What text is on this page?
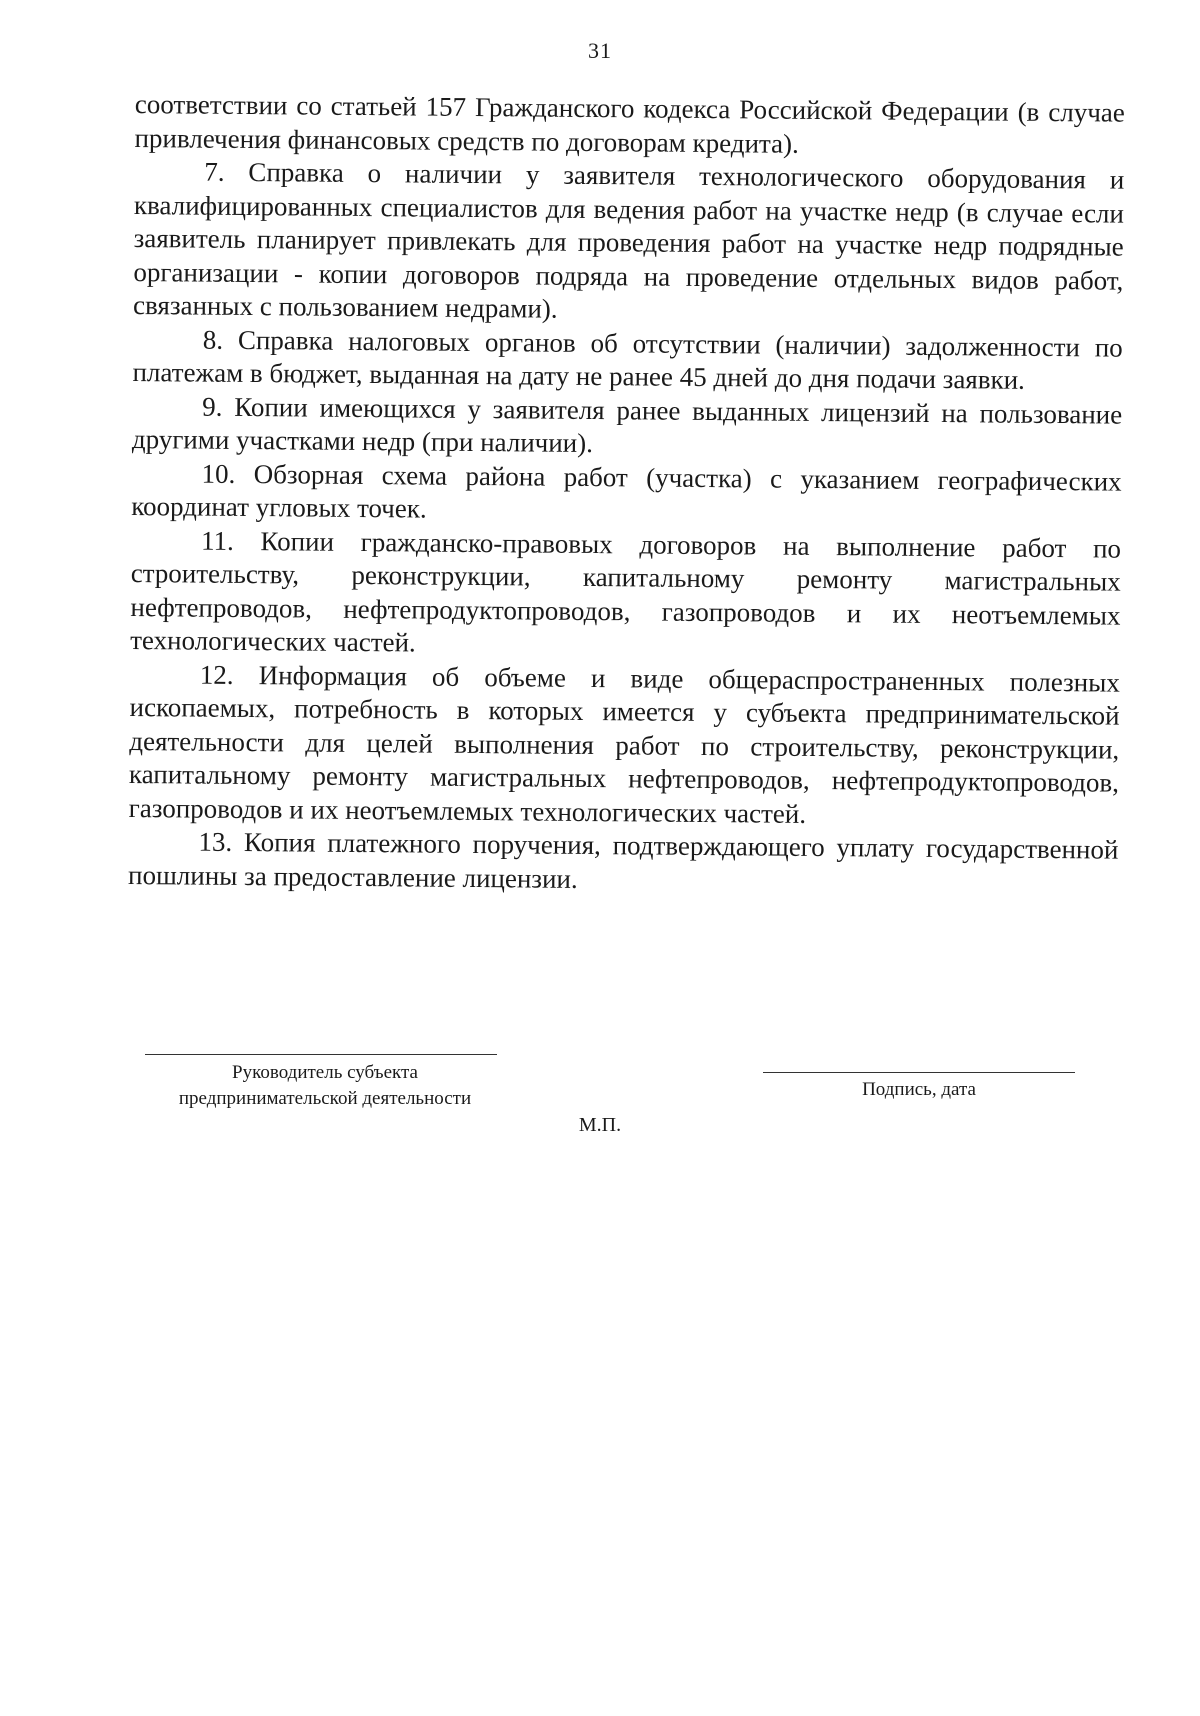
31

соответствии со статьей 157 Гражданского кодекса Российской Федерации (в случае привлечения финансовых средств по договорам кредита).

7. Справка о наличии у заявителя технологического оборудования и квалифицированных специалистов для ведения работ на участке недр (в случае если заявитель планирует привлекать для проведения работ на участке недр подрядные организации - копии договоров подряда на проведение отдельных видов работ, связанных с пользованием недрами).

8. Справка налоговых органов об отсутствии (наличии) задолженности по платежам в бюджет, выданная на дату не ранее 45 дней до дня подачи заявки.

9. Копии имеющихся у заявителя ранее выданных лицензий на пользование другими участками недр (при наличии).

10. Обзорная схема района работ (участка) с указанием географических координат угловых точек.

11. Копии гражданско-правовых договоров на выполнение работ по строительству, реконструкции, капитальному ремонту магистральных нефтепроводов, нефтепродуктопроводов, газопроводов и их неотъемлемых технологических частей.

12. Информация об объеме и виде общераспространенных полезных ископаемых, потребность в которых имеется у субъекта предпринимательской деятельности для целей выполнения работ по строительству, реконструкции, капитальному ремонту магистральных нефтепроводов, нефтепродуктопроводов, газопроводов и их неотъемлемых технологических частей.

13. Копия платежного поручения, подтверждающего уплату государственной пошлины за предоставление лицензии.

Руководитель субъекта
предпринимательской деятельности	Подпись, дата
М.П.
